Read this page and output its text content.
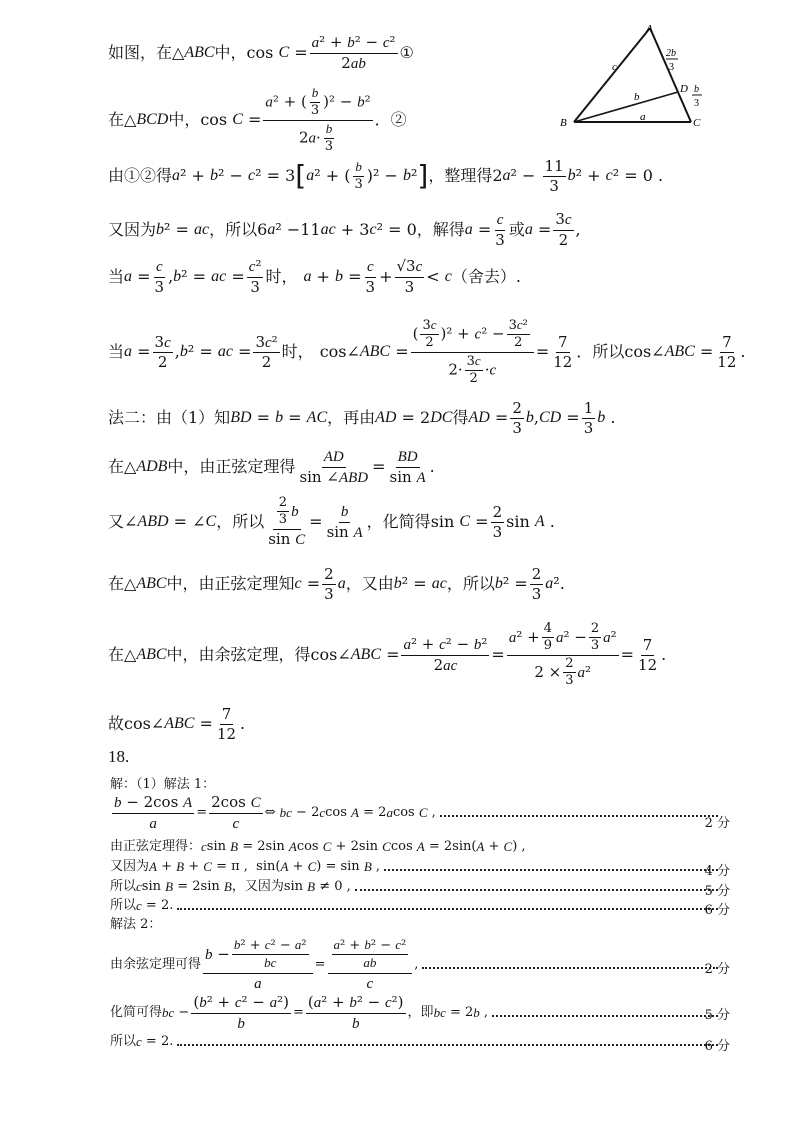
A
B	C
D
c
b
a
2b
3
b
3
如图，在△ ABC 中， $\cos C = \frac{\text{a² + b² − c²}}{2ab}$ ①
在△ BCD 中， $\cos C = \frac{a^2 + ( \frac{b}{3} )^2 - b^2}{2a\cdot \frac{b}{3}}$ ．②
由①②得 a ² + b ² − c ² = 3 [ a ² + ( $\frac{b}{3} )^2 - b$ ² ] ，整理得 2 a $^2 - \frac{11}{3}$ b ² + c ² = 0 .
又因为 b ² = ac ，所以 6 a ² −11 ac + 3 c ² = 0 ，解得 $a = \frac{c}{3}$ 或 $a = \frac{3c}{2}$ ,
当 $a = \frac{c}{3}$ , b ² = ac = $\frac{\text{c²}}{3}$ 时， $a + b = \frac{c}{3} + \frac{√3c}{3} < c$ （舍去）.
当 $a = \frac{3c}{2}$ , b ² = ac = $\frac{\text{3c²}}{2}$ 时， cos∠ ABC = $\frac{( \frac{3c}{2} )^2 + c^2 - \frac{\text{3c²}}{2}}{2\cdot \frac{3c}{2} \cdot c} = \frac{7}{12}$ ．所以 cos∠ ABC = $\frac{7}{12}$ .
法二：由（1）知 BD = b = AC ，再由 AD = 2 DC 得 AD = $\frac{2}{3}$ b , CD = $\frac{1}{3}$ b .
在△ ADB 中，由正弦定理得 $\frac{AD}{\text{sin ∠ABD}} = \frac{BD}{\text{sin A}}$ .
又 ∠ ABD = ∠ C ，所以 $\frac{\frac{2}{3} b}{\text{sin C}} = \frac{b}{\text{sin A}}$ ，化简得 $\sin C = \frac{2}{3}$ sin A .
在△ ABC 中，由正弦定理知 $c = \frac{2}{3}$ a ，又由 b ² = ac ，所以 b $^2 = \frac{2}{3}$ a ².
在△ ABC 中，由余弦定理，得 cos∠ ABC = $\frac{\text{a² + c² − b²}}{2ac} = \frac{a^2 + \frac{4}{9} a^2 - \frac{2}{3} a^2}{2 \times \frac{2}{3} a^2} = \frac{7}{12}$ .
故 cos∠ ABC = $\frac{7}{12}$ .
18.
解：（1）解法 1：
$\frac{\text{b − 2cos A}}{a} = \frac{\text{2cos C}}{c}$ ⇔ bc − 2 c cos A = 2 a cos C ,
2 分
由正弦定理得： c sin B = 2sin A cos C + 2sin C cos A = 2sin( A + C ) ,
又因为 A + B + C = π ,  sin( A + C ) = sin B ,	4 分
所以 c sin B = 2sin B ，又因为 sin B ≠ 0 ,	5 分
所以 c = 2.	6 分
解法 2：
由余弦定理可得 $\frac{b - \frac{\text{b² + c² − a²}}{bc}}{a} = \frac{\frac{\text{a² + b² − c²}}{ab}}{c}$ ,	2 分
化简可得 bc − $\frac{\text{(b² + c² − a²)}}{b} = \frac{\text{(a² + b² − c²)}}{b}$ ，即 bc = 2 b ,	5 分
所以 c = 2.	6 分
